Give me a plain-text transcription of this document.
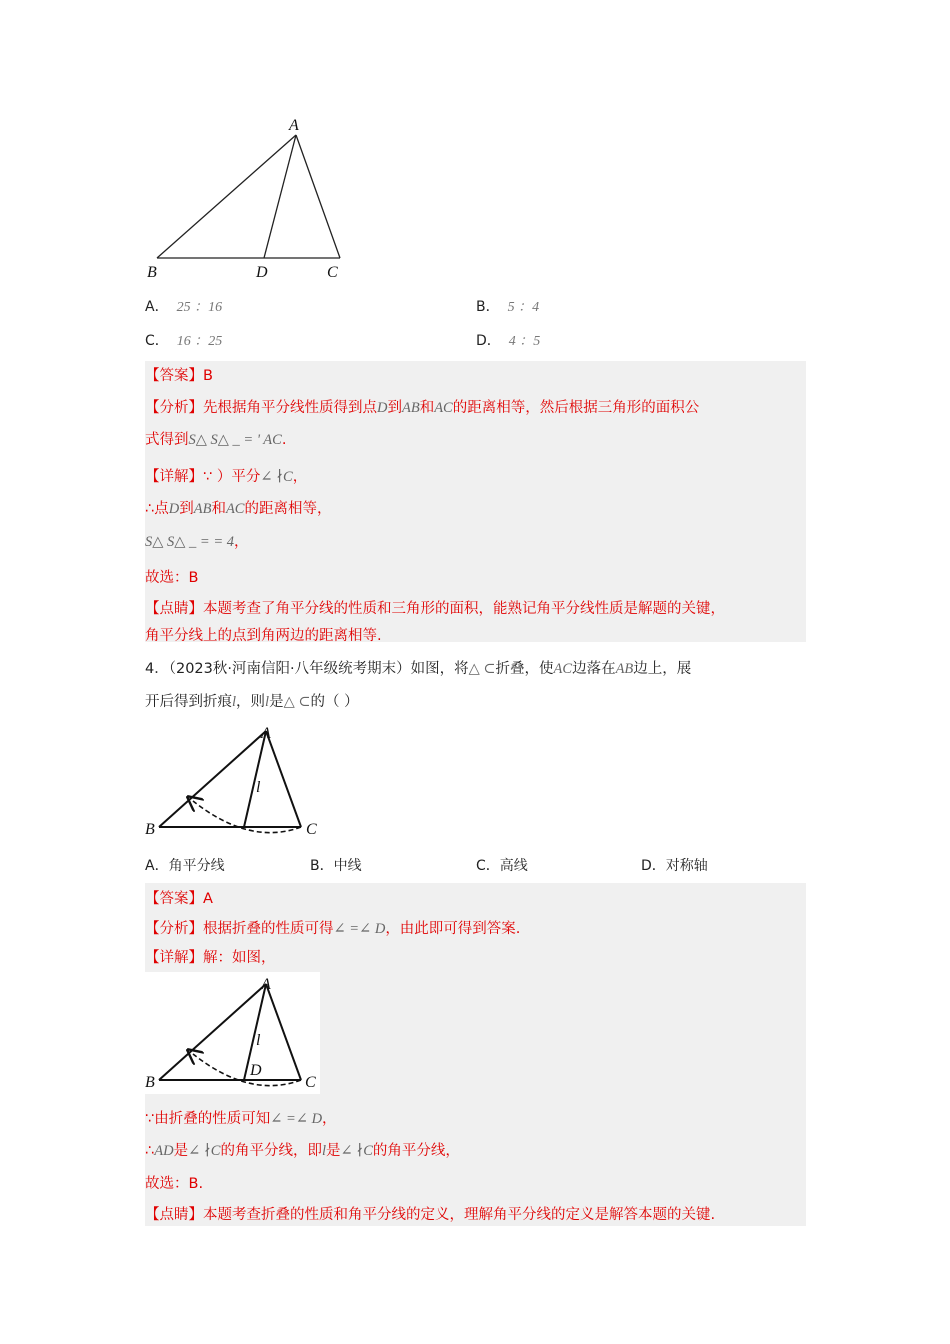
A
B	D	C
A． 25 ：16	B． 5 ：4
C． 16 ：25	D． 4 ：5
【答案】B
【分析】先根据角平分线性质得到点D到AB和AC的距离相等，然后根据三角形的面积公
式得到S△ S△ _ = ' AC.
【详解】∵ ）平分∠ ∤C，
∴点D到AB和AC的距离相等，
S△ S△ _ = = 4，
故选：B
【点睛】本题考查了角平分线的性质和三角形的面积，能熟记角平分线性质是解题的关键，
角平分线上的点到角两边的距离相等.
4．（2023秋·河南信阳·八年级统考期末）如图，将△ ⊂折叠，使AC边落在AB边上，展
开后得到折痕l，则l是△ ⊂的（ ）
A
B	C
l
A．角平分线	B．中线	C．高线	D．对称轴
【答案】A
【分析】根据折叠的性质可得∠ =∠ D，由此即可得到答案.
【详解】解：如图，
A
B	C
D
l
∵由折叠的性质可知∠ =∠ D，
∴AD是∠ ∤C的角平分线，即l是∠ ∤C的角平分线，
故选：B.
【点睛】本题考查折叠的性质和角平分线的定义，理解角平分线的定义是解答本题的关键.
